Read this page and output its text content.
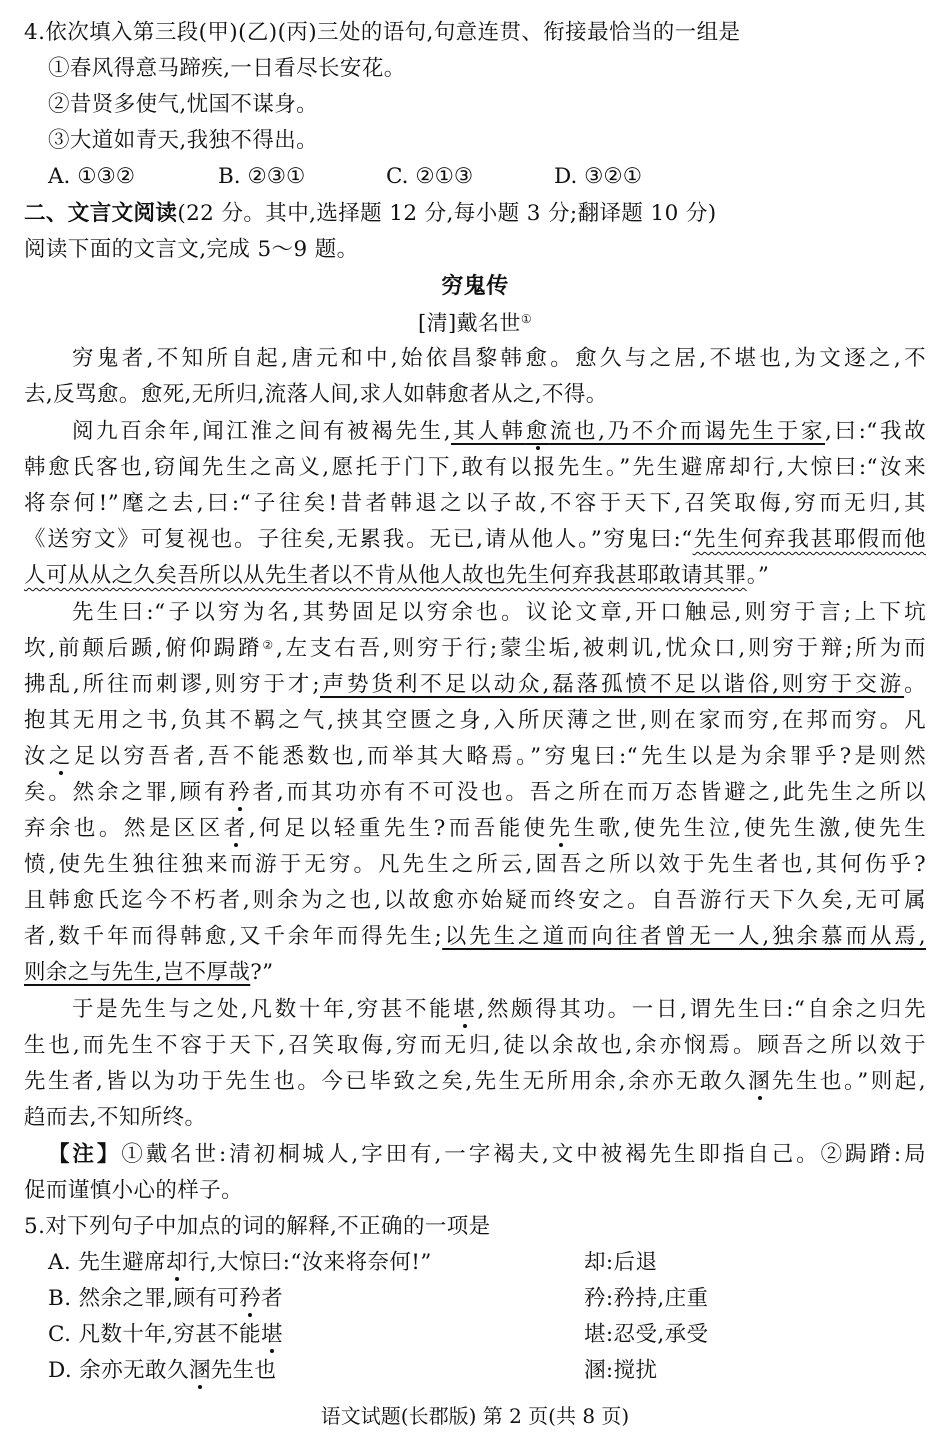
4.依次填入第三段(甲)(乙)(丙)三处的语句,句意连贯、衔接最恰当的一组是
①春风得意马蹄疾,一日看尽长安花。
②昔贤多使气,忧国不谋身。
③大道如青天,我独不得出。
A. ①③②	B. ②③①	C. ②①③	D. ③②①
二、文言文阅读(22 分。其中,选择题 12 分,每小题 3 分;翻译题 10 分)
阅读下面的文言文,完成 5～9 题。
穷鬼传
[清]戴名世①
穷鬼者,不知所自起,唐元和中,始依昌黎韩愈。愈久与之居,不堪也,为文逐之,不
去,反骂愈。愈死,无所归,流落人间,求人如韩愈者从之,不得。
阅九百余年,闻江淮之间有被褐先生,其人韩愈流也,乃不介而谒先生于家,曰:“我故
韩愈氏客也,窃闻先生之高义,愿托于门下,敢有以报先生。”先生避席却行,大惊曰:“汝来
将奈何!”麾之去,曰:“子往矣!昔者韩退之以子故,不容于天下,召笑取侮,穷而无归,其
《送穷文》可复视也。子往矣,无累我。无已,请从他人。”穷鬼曰:“先生何弃我甚耶假而他
人可从从之久矣吾所以从先生者以不肯从他人故也先生何弃我甚耶敢请其罪。”
先生曰:“子以穷为名,其势固足以穷余也。议论文章,开口触忌,则穷于言;上下坑
坎,前颠后踬,俯仰跼蹐②,左支右吾,则穷于行;蒙尘垢,被刺讥,忧众口,则穷于辩;所为而
拂乱,所往而刺谬,则穷于才;声势货利不足以动众,磊落孤愤不足以谐俗,则穷于交游。
抱其无用之书,负其不羁之气,挟其空匮之身,入所厌薄之世,则在家而穷,在邦而穷。凡
汝之足以穷吾者,吾不能悉数也,而举其大略焉。”穷鬼曰:“先生以是为余罪乎?是则然
矣。然余之罪,顾有矜者,而其功亦有不可没也。吾之所在而万态皆避之,此先生之所以
弃余也。然是区区者,何足以轻重先生?而吾能使先生歌,使先生泣,使先生激,使先生
愤,使先生独往独来而游于无穷。凡先生之所云,固吾之所以效于先生者也,其何伤乎?
且韩愈氏迄今不朽者,则余为之也,以故愈亦始疑而终安之。自吾游行天下久矣,无可属
者,数千年而得韩愈,又千余年而得先生;以先生之道而向往者曾无一人,独余慕而从焉,
则余之与先生,岂不厚哉?”
于是先生与之处,凡数十年,穷甚不能堪,然颇得其功。一日,谓先生曰:“自余之归先
生也,而先生不容于天下,召笑取侮,穷而无归,徒以余故也,余亦悯焉。顾吾之所以效于
先生者,皆以为功于先生也。今已毕致之矣,先生无所用余,余亦无敢久溷先生也。”则起,
趋而去,不知所终。
【注】①戴名世:清初桐城人,字田有,一字褐夫,文中被褐先生即指自己。②跼蹐:局
促而谨慎小心的样子。
5.对下列句子中加点的词的解释,不正确的一项是
A. 先生避席却行,大惊曰:“汝来将奈何!”	却:后退
B. 然余之罪,顾有可矜者	矜:矜持,庄重
C. 凡数十年,穷甚不能堪	堪:忍受,承受
D. 余亦无敢久溷先生也	溷:搅扰
语文试题(长郡版) 第 2 页(共 8 页)
